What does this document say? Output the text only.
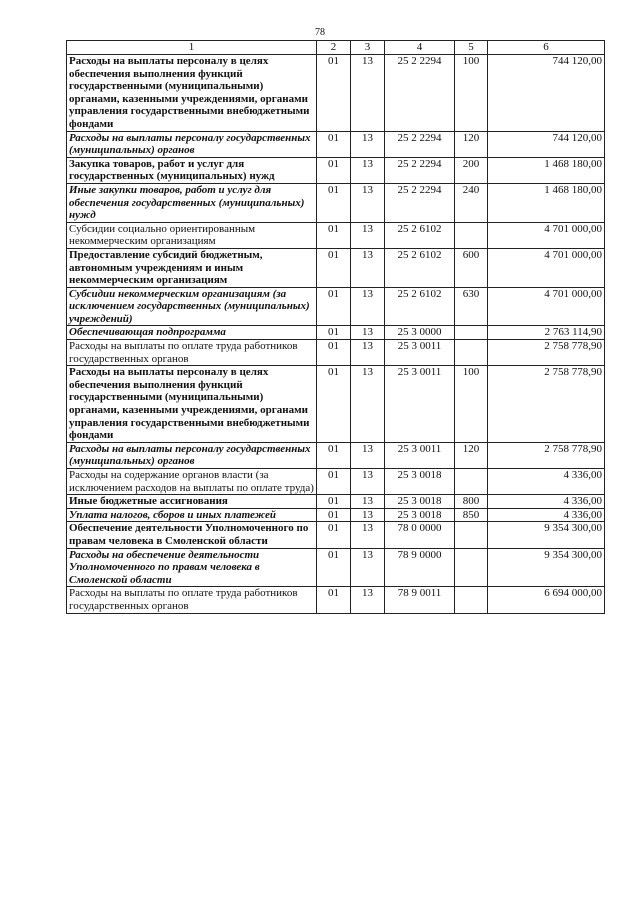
78
1	2	3	4	5	6
Расходы на выплаты персоналу в целях обеспечения выполнения функций государственными (муниципальными) органами, казенными учреждениями, органами управления государственными внебюджетными фондами	01	13	25 2 2294	100	744 120,00
Расходы на выплаты персоналу государственных (муниципальных) органов	01	13	25 2 2294	120	744 120,00
Закупка товаров, работ и услуг для государственных (муниципальных) нужд	01	13	25 2 2294	200	1 468 180,00
Иные закупки товаров, работ и услуг для обеспечения государственных (муниципальных) нужд	01	13	25 2 2294	240	1 468 180,00
Субсидии социально ориентированным некоммерческим организациям	01	13	25 2 6102		4 701 000,00
Предоставление субсидий бюджетным, автономным учреждениям и иным некоммерческим организациям	01	13	25 2 6102	600	4 701 000,00
Субсидии некоммерческим организациям (за исключением государственных (муниципальных) учреждений)	01	13	25 2 6102	630	4 701 000,00
Обеспечивающая подпрограмма	01	13	25 3 0000		2 763 114,90
Расходы на выплаты по оплате труда работников государственных органов	01	13	25 3 0011		2 758 778,90
Расходы на выплаты персоналу в целях обеспечения выполнения функций государственными (муниципальными) органами, казенными учреждениями, органами управления государственными внебюджетными фондами	01	13	25 3 0011	100	2 758 778,90
Расходы на выплаты персоналу государственных (муниципальных) органов	01	13	25 3 0011	120	2 758 778,90
Расходы на содержание органов власти (за исключением расходов на выплаты по оплате труда)	01	13	25 3 0018		4 336,00
Иные бюджетные ассигнования	01	13	25 3 0018	800	4 336,00
Уплата налогов, сборов и иных платежей	01	13	25 3 0018	850	4 336,00
Обеспечение деятельности Уполномоченного по правам человека в Смоленской области	01	13	78 0 0000		9 354 300,00
Расходы на обеспечение деятельности Уполномоченного по правам человека в Смоленской области	01	13	78 9 0000		9 354 300,00
Расходы на выплаты по оплате труда работников государственных органов	01	13	78 9 0011		6 694 000,00
